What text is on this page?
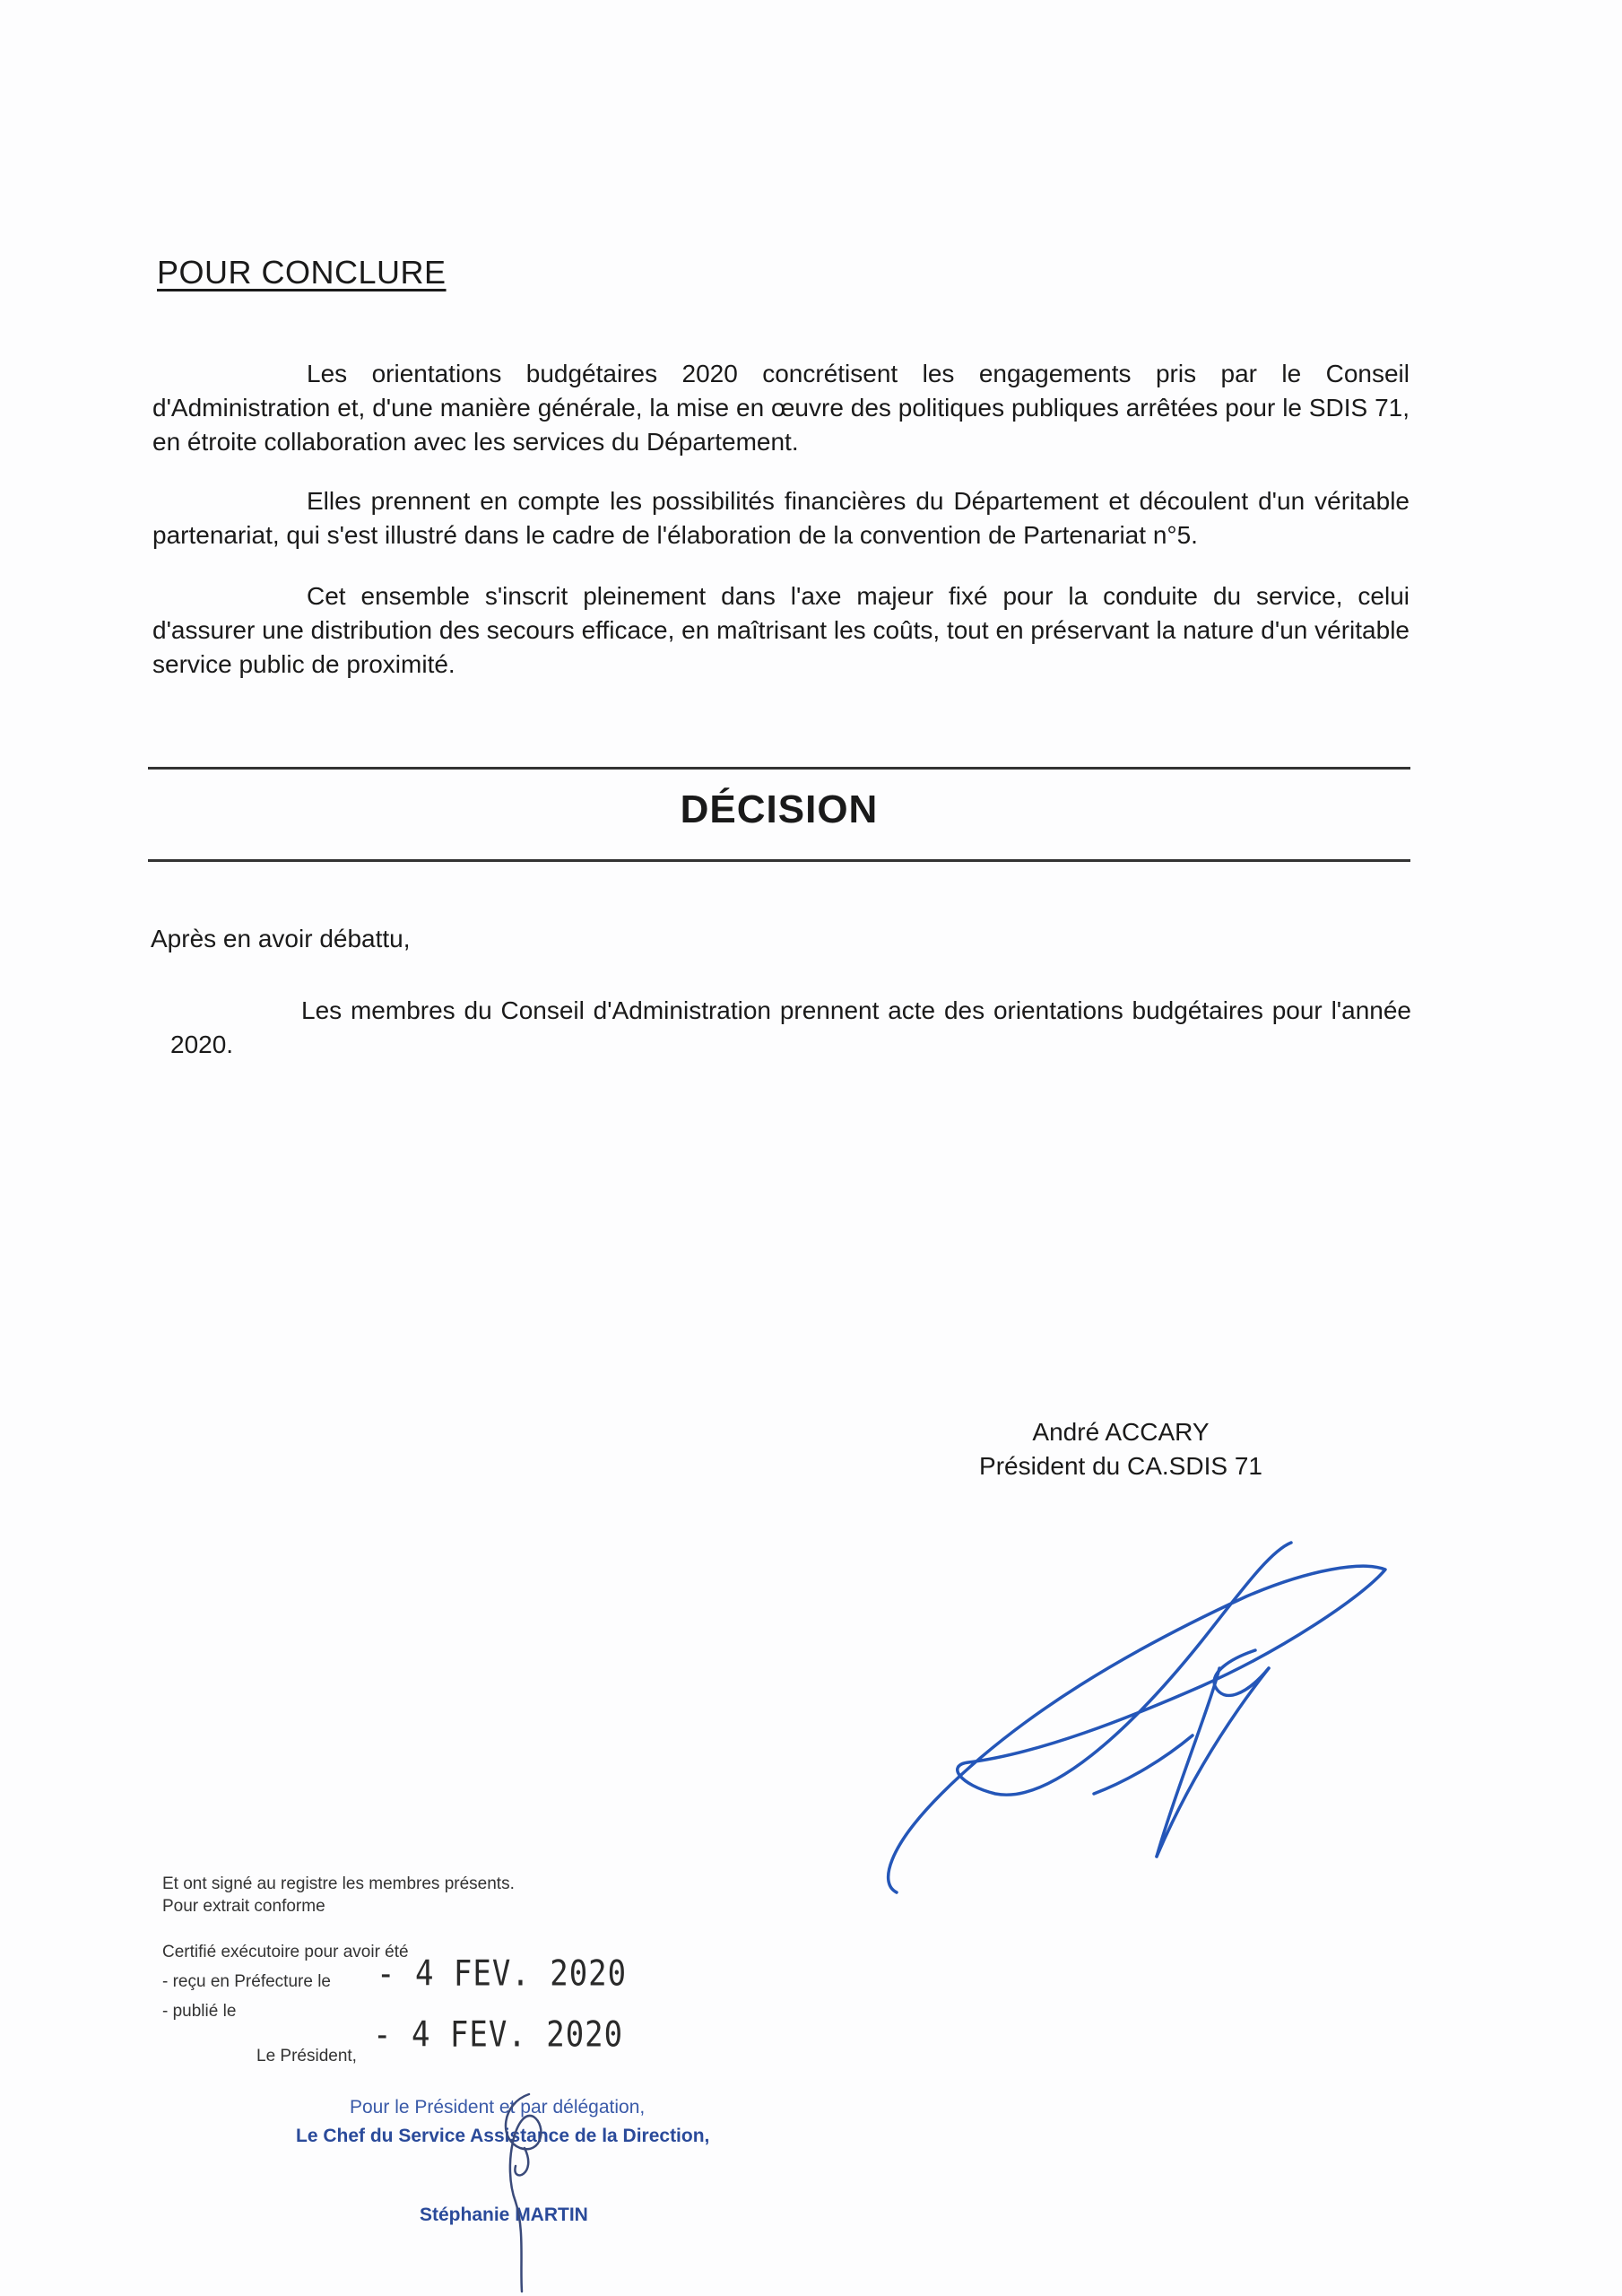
POUR CONCLURE

Les orientations budgétaires 2020 concrétisent les engagements pris par le Conseil d'Administration et, d'une manière générale, la mise en œuvre des politiques publiques arrêtées pour le SDIS 71, en étroite collaboration avec les services du Département.

Elles prennent en compte les possibilités financières du Département et découlent d'un véritable partenariat, qui s'est illustré dans le cadre de l'élaboration de la convention de Partenariat n°5.

Cet ensemble s'inscrit pleinement dans l'axe majeur fixé pour la conduite du service, celui d'assurer une distribution des secours efficace, en maîtrisant les coûts, tout en préservant la nature d'un véritable service public de proximité.

DÉCISION
Après en avoir débattu,

Les membres du Conseil d'Administration prennent acte des orientations budgétaires pour l'année 2020.

André ACCARY
Président du CA.SDIS 71
Et ont signé au registre les membres présents.
Pour extrait conforme
Certifié exécutoire pour avoir été
- reçu en Préfecture le - 4 FEV. 2020
- publié le
- 4 FEV. 2020
Le Président,
Pour le Président et par délégation,
Le Chef du Service Assistance de la Direction,
Stéphanie MARTIN
